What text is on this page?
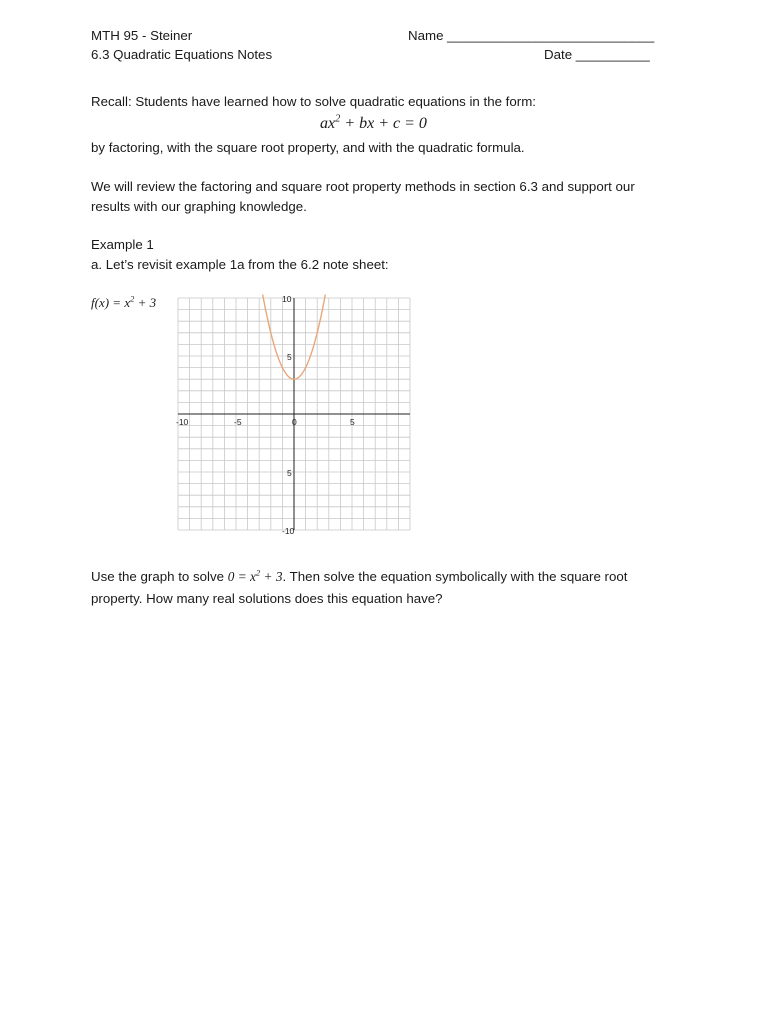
MTH 95 - Steiner	Name ____________________________
6.3 Quadratic Equations Notes	Date __________
Recall: Students have learned how to solve quadratic equations in the form:
$ax^2$ + bx + c = 0
by factoring, with the square root property, and with the quadratic formula.
We will review the factoring and square root property methods in section 6.3 and support our
results with our graphing knowledge.
Example 1
a. Let’s revisit example 1a from the 6.2 note sheet:
$f(x) = x^2 + 3$
-10	-5	0	5
10
5
5
-10
Use the graph to solve $0 = x^2 + 3$. Then solve the equation symbolically with the square root
property. How many real solutions does this equation have?
